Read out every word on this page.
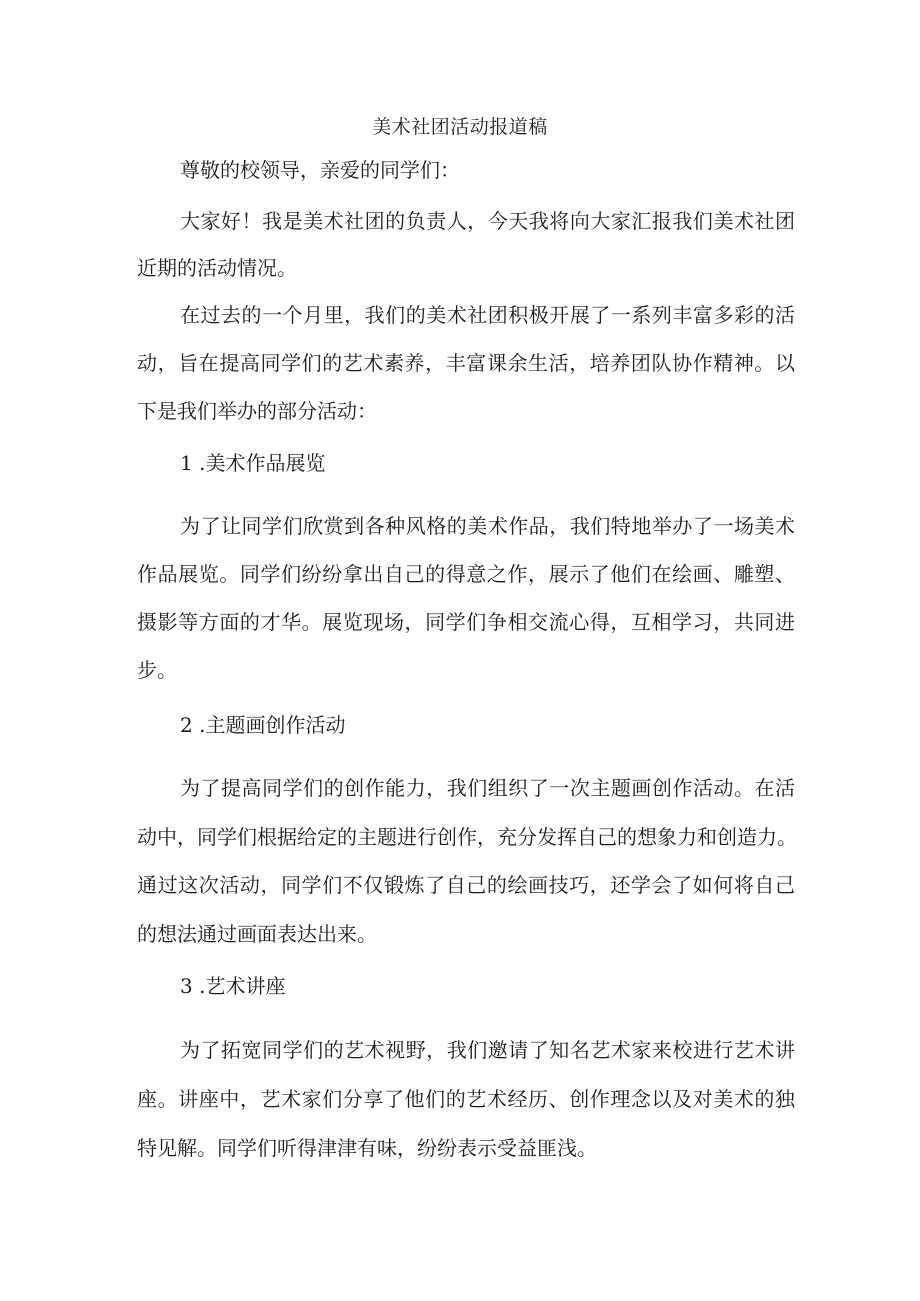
美术社团活动报道稿
尊敬的校领导，亲爱的同学们：
大家好！我是美术社团的负责人，今天我将向大家汇报我们美术社团
近期的活动情况。
在过去的一个月里，我们的美术社团积极开展了一系列丰富多彩的活
动，旨在提高同学们的艺术素养，丰富课余生活，培养团队协作精神。以
下是我们举办的部分活动：
1 .美术作品展览
为了让同学们欣赏到各种风格的美术作品，我们特地举办了一场美术
作品展览。同学们纷纷拿出自己的得意之作，展示了他们在绘画、雕塑、
摄影等方面的才华。展览现场，同学们争相交流心得，互相学习，共同进
步。
2 .主题画创作活动
为了提高同学们的创作能力，我们组织了一次主题画创作活动。在活
动中，同学们根据给定的主题进行创作，充分发挥自己的想象力和创造力。
通过这次活动，同学们不仅锻炼了自己的绘画技巧，还学会了如何将自己
的想法通过画面表达出来。
3 .艺术讲座
为了拓宽同学们的艺术视野，我们邀请了知名艺术家来校进行艺术讲
座。讲座中，艺术家们分享了他们的艺术经历、创作理念以及对美术的独
特见解。同学们听得津津有味，纷纷表示受益匪浅。
